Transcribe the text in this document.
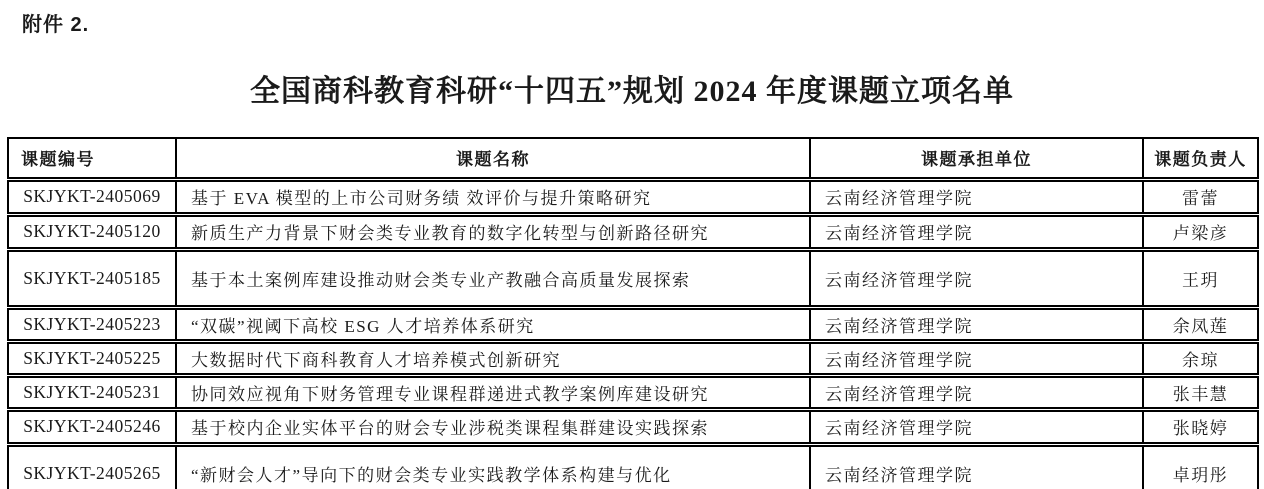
附件 2.
全国商科教育科研“十四五”规划 2024 年度课题立项名单
课题编号	课题名称	课题承担单位	课题负责人
SKJYKT-2405069	基于 EVA 模型的上市公司财务绩 效评价与提升策略研究	云南经济管理学院	雷蕾
SKJYKT-2405120	新质生产力背景下财会类专业教育的数字化转型与创新路径研究	云南经济管理学院	卢梁彦
SKJYKT-2405185	基于本土案例库建设推动财会类专业产教融合高质量发展探索	云南经济管理学院	王玥
SKJYKT-2405223	“双碳”视阈下高校 ESG 人才培养体系研究	云南经济管理学院	余凤莲
SKJYKT-2405225	大数据时代下商科教育人才培养模式创新研究	云南经济管理学院	余琼
SKJYKT-2405231	协同效应视角下财务管理专业课程群递进式教学案例库建设研究	云南经济管理学院	张丰慧
SKJYKT-2405246	基于校内企业实体平台的财会专业涉税类课程集群建设实践探索	云南经济管理学院	张晓婷
SKJYKT-2405265	“新财会人才”导向下的财会类专业实践教学体系构建与优化	云南经济管理学院	卓玥彤
